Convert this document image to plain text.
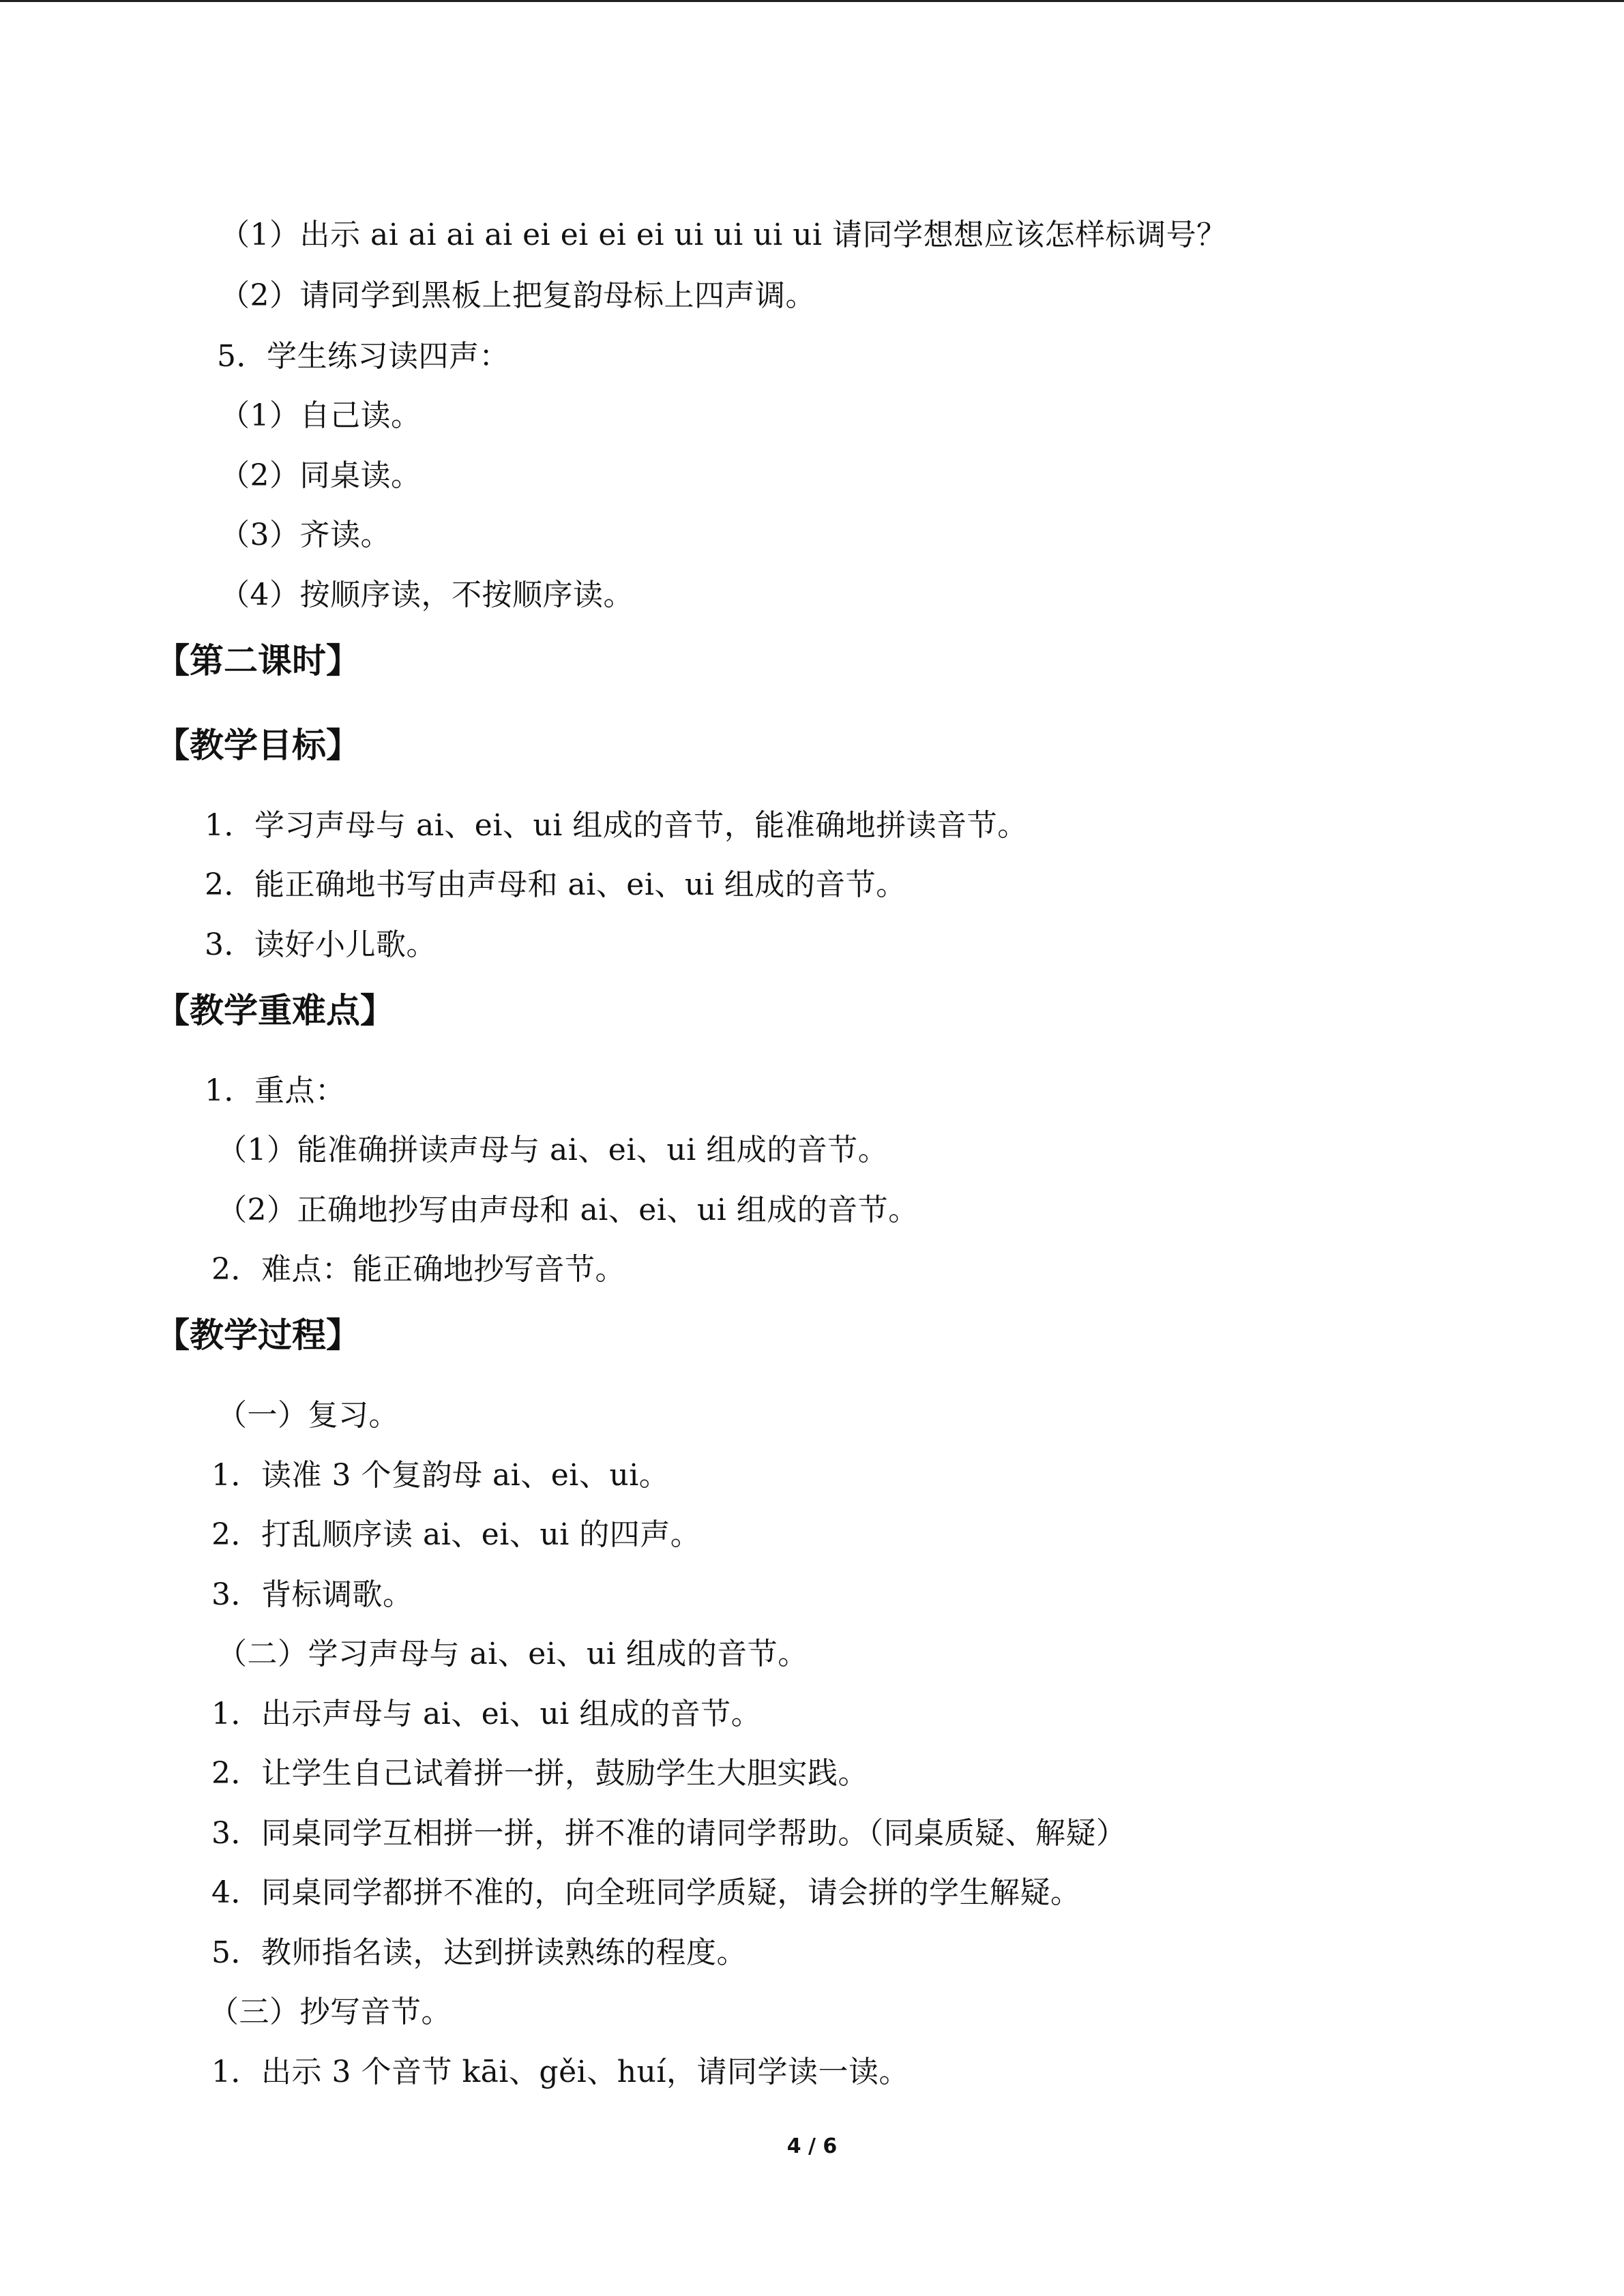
（1）出示 ai ai ai ai ei ei ei ei ui ui ui ui 请同学想想应该怎样标调号？
（2）请同学到黑板上把复韵母标上四声调。
5．学生练习读四声：
（1）自己读。
（2）同桌读。
（3）齐读。
（4）按顺序读，不按顺序读。
【第二课时】
【教学目标】
1．学习声母与 ai、ei、ui 组成的音节，能准确地拼读音节。
2．能正确地书写由声母和 ai、ei、ui 组成的音节。
3．读好小儿歌。
【教学重难点】
1．重点：
（1）能准确拼读声母与 ai、ei、ui 组成的音节。
（2）正确地抄写由声母和 ai、ei、ui 组成的音节。
2．难点：能正确地抄写音节。
【教学过程】
（一）复习。
1．读准 3 个复韵母 ai、ei、ui。
2．打乱顺序读 ai、ei、ui 的四声。
3．背标调歌。
（二）学习声母与 ai、ei、ui 组成的音节。
1．出示声母与 ai、ei、ui 组成的音节。
2．让学生自己试着拼一拼，鼓励学生大胆实践。
3．同桌同学互相拼一拼，拼不准的请同学帮助。（同桌质疑、解疑）
4．同桌同学都拼不准的，向全班同学质疑，请会拼的学生解疑。
5．教师指名读，达到拼读熟练的程度。
（三）抄写音节。
1．出示 3 个音节 kāi、gěi、huí，请同学读一读。
4 / 6
